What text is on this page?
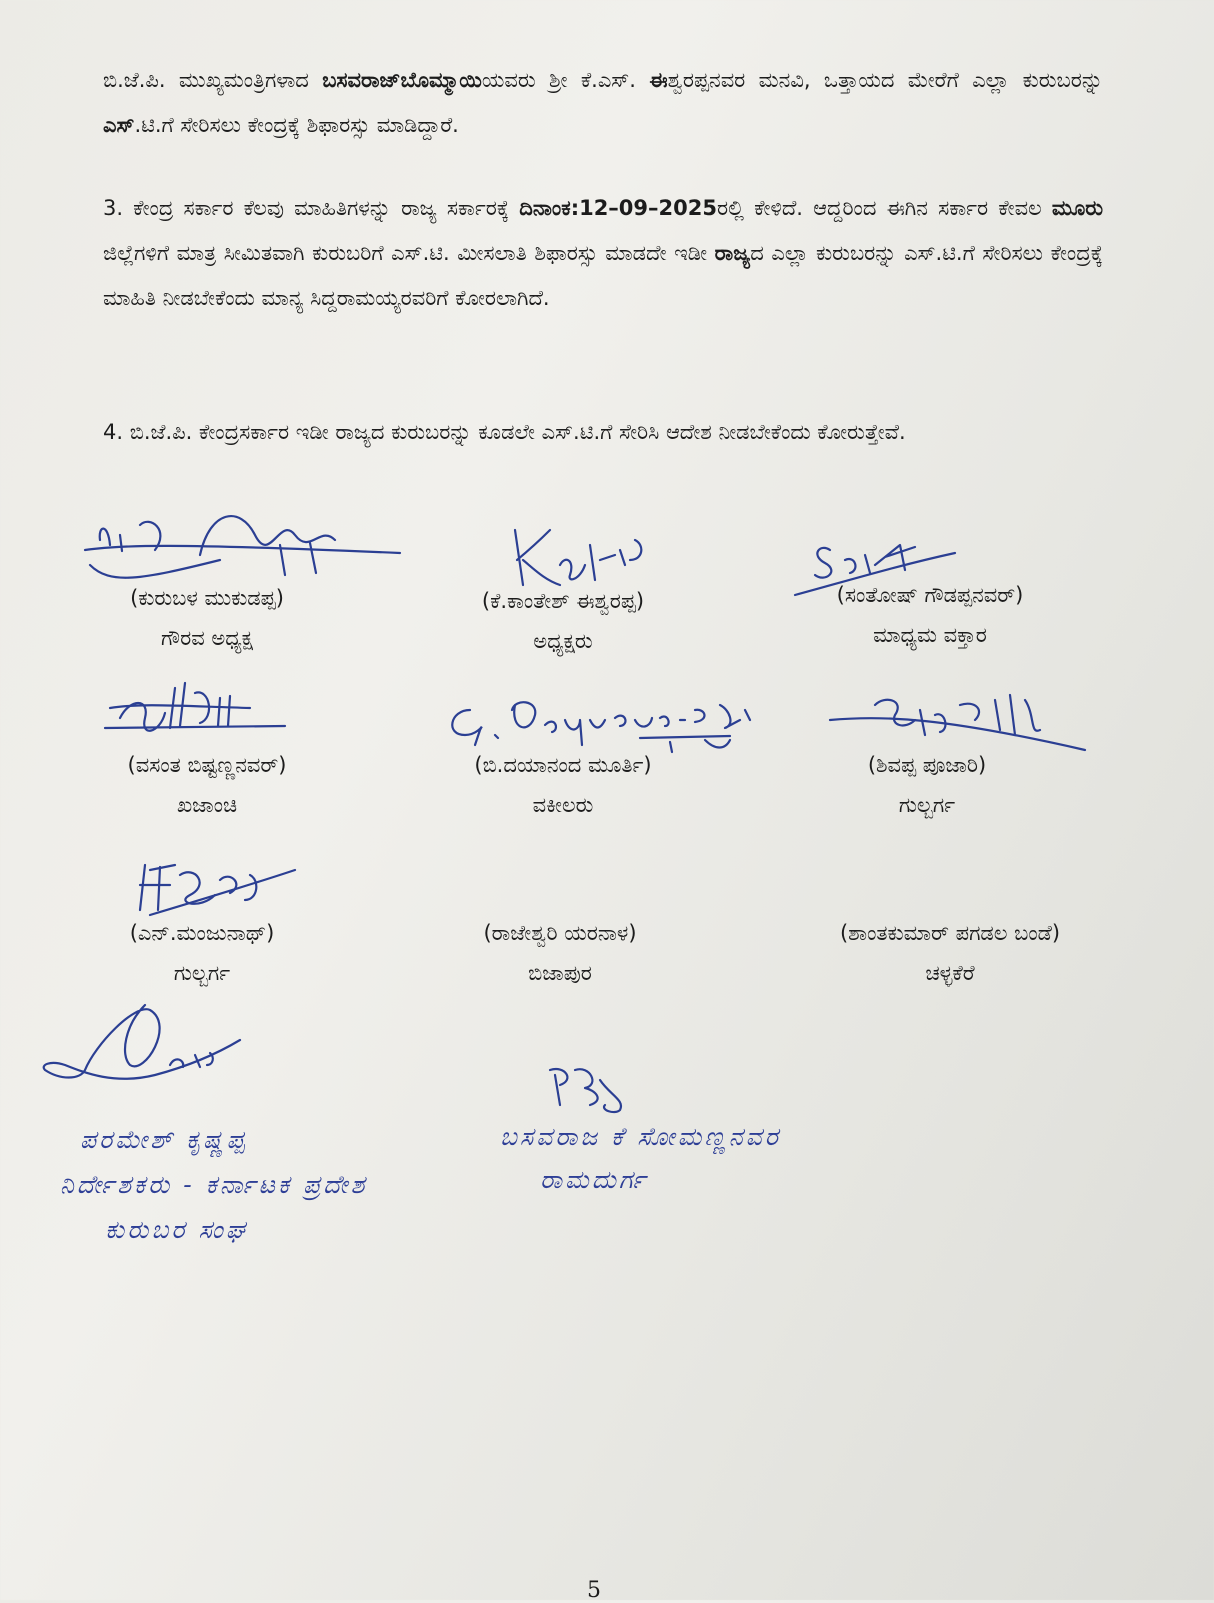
ಬಿ.ಜೆ.ಪಿ. ಮುಖ್ಯಮಂತ್ರಿಗಳಾದ ಬಸವರಾಜ್‌ಬೊಮ್ಮಾಯಿಯವರು ಶ್ರೀ ಕೆ.ಎಸ್. ಈಶ್ವರಪ್ಪನವರ ಮನವಿ, ಒತ್ತಾಯದ ಮೇರೆಗೆ ಎಲ್ಲಾ ಕುರುಬರನ್ನು ಎಸ್.ಟಿ.ಗೆ ಸೇರಿಸಲು ಕೇಂದ್ರಕ್ಕೆ ಶಿಫಾರಸ್ಸು ಮಾಡಿದ್ದಾರೆ.

3. ಕೇಂದ್ರ ಸರ್ಕಾರ ಕೆಲವು ಮಾಹಿತಿಗಳನ್ನು ರಾಜ್ಯ ಸರ್ಕಾರಕ್ಕೆ ದಿನಾಂಕ:12–09–2025ರಲ್ಲಿ ಕೇಳಿದೆ. ಆದ್ದರಿಂದ ಈಗಿನ ಸರ್ಕಾರ ಕೇವಲ ಮೂರು ಜಿಲ್ಲೆಗಳಿಗೆ ಮಾತ್ರ ಸೀಮಿತವಾಗಿ ಕುರುಬರಿಗೆ ಎಸ್.ಟಿ. ಮೀಸಲಾತಿ ಶಿಫಾರಸ್ಸು ಮಾಡದೇ ಇಡೀ ರಾಜ್ಯದ ಎಲ್ಲಾ ಕುರುಬರನ್ನು ಎಸ್.ಟಿ.ಗೆ ಸೇರಿಸಲು ಕೇಂದ್ರಕ್ಕೆ ಮಾಹಿತಿ ನೀಡಬೇಕೆಂದು ಮಾನ್ಯ ಸಿದ್ದರಾಮಯ್ಯರವರಿಗೆ ಕೋರಲಾಗಿದೆ.

4. ಬಿ.ಜೆ.ಪಿ. ಕೇಂದ್ರಸರ್ಕಾರ ಇಡೀ ರಾಜ್ಯದ ಕುರುಬರನ್ನು ಕೂಡಲೇ ಎಸ್.ಟಿ.ಗೆ ಸೇರಿಸಿ ಆದೇಶ ನೀಡಬೇಕೆಂದು ಕೋರುತ್ತೇವೆ.

(ಕುರುಬಳ ಮುಕುಡಪ್ಪ)
ಗೌರವ ಅಧ್ಯಕ್ಷ
(ಕೆ.ಕಾಂತೇಶ್ ಈಶ್ವರಪ್ಪ)
ಅಧ್ಯಕ್ಷರು
(ಸಂತೋಷ್ ಗೌಡಪ್ಪನವರ್)
ಮಾಧ್ಯಮ ವಕ್ತಾರ
(ವಸಂತ ಬಿಷ್ಟಣ್ಣನವರ್)
ಖಜಾಂಚಿ
(ಬಿ.ದಯಾನಂದ ಮೂರ್ತಿ)
ವಕೀಲರು
(ಶಿವಪ್ಪ ಪೂಜಾರಿ)
ಗುಲ್ಬರ್ಗ
(ಎನ್.ಮಂಜುನಾಥ್)
ಗುಲ್ಬರ್ಗ
(ರಾಜೇಶ್ವರಿ ಯರನಾಳ)
ಬಿಜಾಪುರ
(ಶಾಂತಕುಮಾರ್ ಪಗಡಲ ಬಂಡೆ)
ಚಳ್ಳಕೆರೆ
ಪರಮೇಶ್ ಕೃಷ್ಣಪ್ಪ
ನಿರ್ದೇಶಕರು - ಕರ್ನಾಟಕ ಪ್ರದೇಶ
ಕುರುಬರ ಸಂಘ
ಬಸವರಾಜ ಕೆ ಸೋಮಣ್ಣನವರ
ರಾಮದುರ್ಗ
5
